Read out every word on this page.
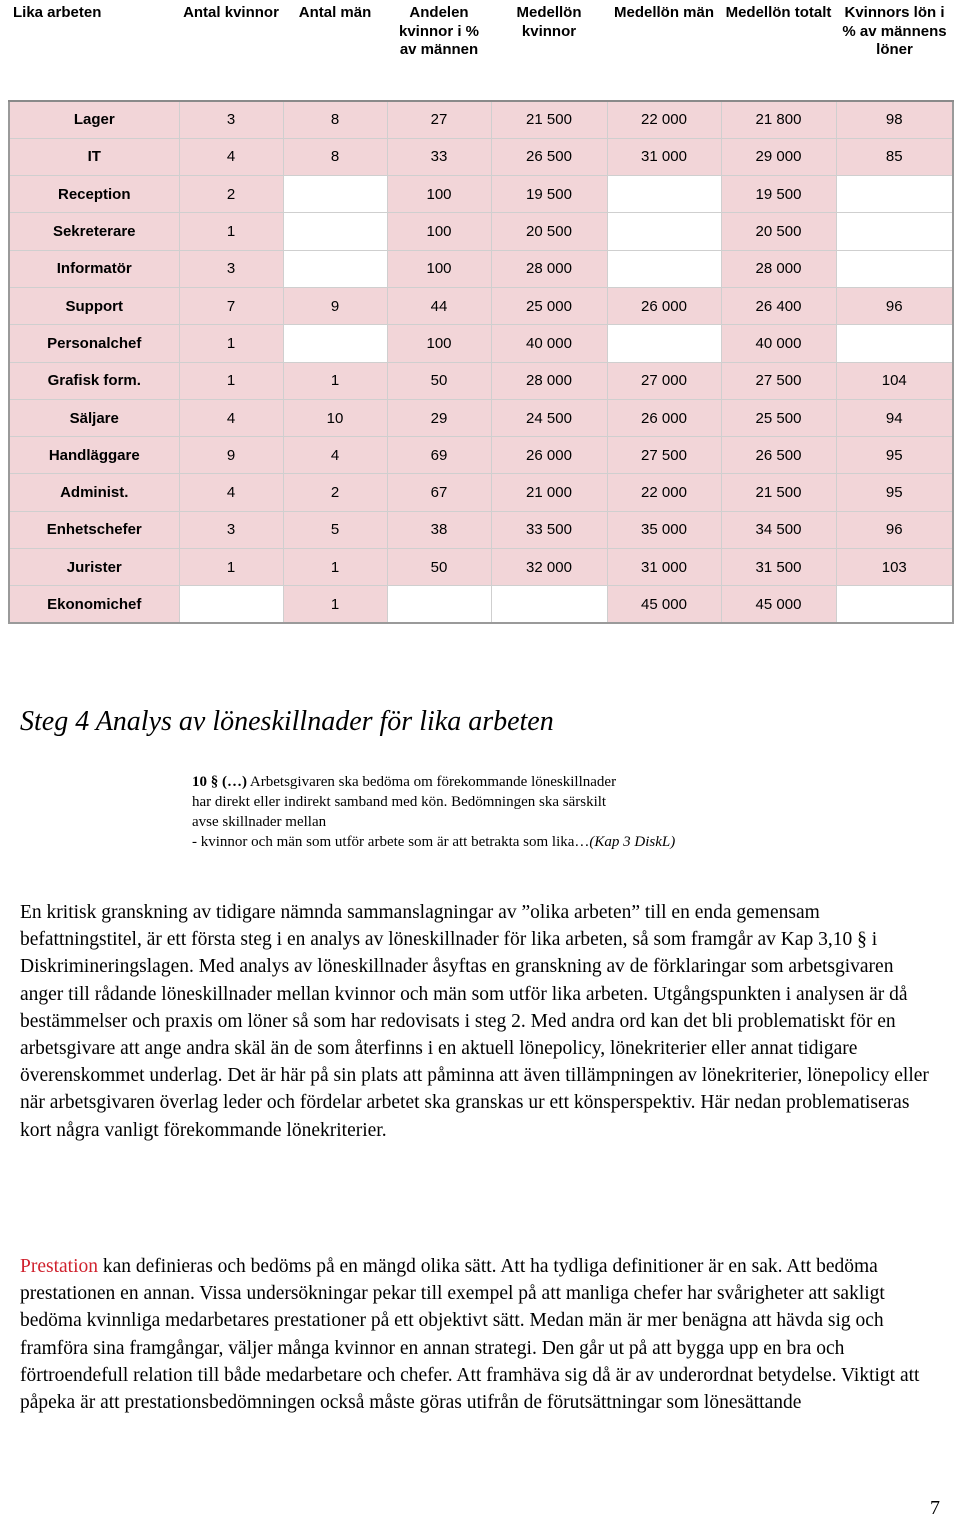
Lika arbeten	Antal kvinnor	Antal män	Andelen kvinnor i % av männen	Medellön kvinnor	Medellön män	Medellön totalt	Kvinnors lön i % av männens löner
Lager	3	8	27	21 500	22 000	21 800	98
IT	4	8	33	26 500	31 000	29 000	85
Reception	2		100	19 500		19 500	
Sekreterare	1		100	20 500		20 500	
Informatör	3		100	28 000		28 000	
Support	7	9	44	25 000	26 000	26 400	96
Personalchef	1		100	40 000		40 000	
Grafisk form.	1	1	50	28 000	27 000	27 500	104
Säljare	4	10	29	24 500	26 000	25 500	94
Handläggare	9	4	69	26 000	27 500	26 500	95
Administ.	4	2	67	21 000	22 000	21 500	95
Enhetschefer	3	5	38	33 500	35 000	34 500	96
Jurister	1	1	50	32 000	31 000	31 500	103
Ekonomichef		1			45 000	45 000	
Steg 4 Analys av löneskillnader för lika arbeten
10 § (…) Arbetsgivaren ska bedöma om förekommande löneskillnader
har direkt eller indirekt samband med kön. Bedömningen ska särskilt
avse skillnader mellan
- kvinnor och män som utför arbete som är att betrakta som lika…(Kap 3 DiskL)

En kritisk granskning av tidigare nämnda sammanslagningar av ”olika arbeten” till en enda gemensam befattningstitel, är ett första steg i en analys av löneskillnader för lika arbeten, så som framgår av Kap 3,10 § i Diskrimineringslagen. Med analys av löneskillnader åsyftas en granskning av de förklaringar som arbetsgivaren anger till rådande löneskillnader mellan kvinnor och män som utför lika arbeten. Utgångspunkten i analysen är då bestämmelser och praxis om löner så som har redovisats i steg 2. Med andra ord kan det bli problematiskt för en arbetsgivare att ange andra skäl än de som återfinns i en aktuell lönepolicy, lönekriterier eller annat tidigare överenskommet underlag. Det är här på sin plats att påminna att även tillämpningen av lönekriterier, lönepolicy eller när arbetsgivaren överlag leder och fördelar arbetet ska granskas ur ett könsperspektiv. Här nedan problematiseras kort några vanligt förekommande lönekriterier.

Prestation kan definieras och bedöms på en mängd olika sätt. Att ha tydliga definitioner är en sak. Att bedöma prestationen en annan. Vissa undersökningar pekar till exempel på att manliga chefer har svårigheter att sakligt bedöma kvinnliga medarbetares prestationer på ett objektivt sätt. Medan män är mer benägna att hävda sig och framföra sina framgångar, väljer många kvinnor en annan strategi. Den går ut på att bygga upp en bra och förtroendefull relation till både medarbetare och chefer. Att framhäva sig då är av underordnat betydelse. Viktigt att påpeka är att prestationsbedömningen också måste göras utifrån de förutsättningar som lönesättande

7
